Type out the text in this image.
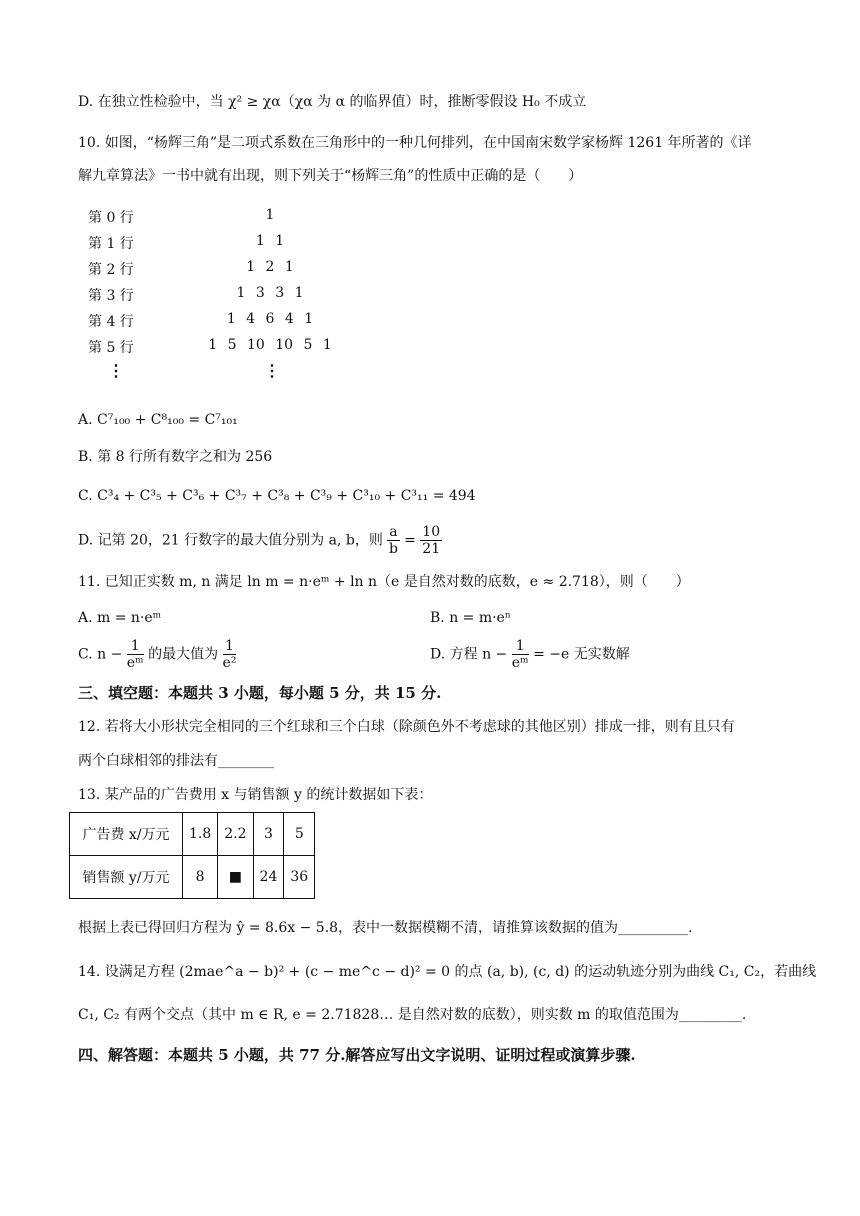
D. 在独立性检验中，当 χ² ≥ χα（χα 为 α 的临界值）时，推断零假设 H₀ 不成立
10. 如图，“杨辉三角”是二项式系数在三角形中的一种几何排列，在中国南宋数学家杨辉 1261 年所著的《详
解九章算法》一书中就有出现，则下列关于“杨辉三角”的性质中正确的是（　　）
第 0 行	1
第 1 行	1 1
第 2 行	1 2 1
第 3 行	1 3 3 1
第 4 行	1 4 6 4 1
第 5 行	1 5 10 10 5 1
⋮	⋮
A. C⁷₁₀₀ + C⁸₁₀₀ = C⁷₁₀₁
B. 第 8 行所有数字之和为 256
C. C³₄ + C³₅ + C³₆ + C³₇ + C³₈ + C³₉ + C³₁₀ + C³₁₁ = 494
D. 记第 20，21 行数字的最大值分别为 a, b，则 $\frac{a}{b} = \frac{10}{21}$
11. 已知正实数 m, n 满足 ln m = n·eᵐ + ln n（e 是自然对数的底数，e ≈ 2.718），则（　　）
A. m = n·eᵐ	B. n = m·eⁿ
C. $n - \frac{1}{\text{eᵐ}}$ 的最大值为 $\frac{1}{\text{e²}}$	D. 方程 $n - \frac{1}{\text{eᵐ}} = -e$ 无实数解
三、填空题：本题共 3 小题，每小题 5 分，共 15 分.
12. 若将大小形状完全相同的三个红球和三个白球（除颜色外不考虑球的其他区别）排成一排，则有且只有
两个白球相邻的排法有________
13. 某产品的广告费用 x 与销售额 y 的统计数据如下表：
广告费 x/万元	1.8	2.2	3	5
销售额 y/万元	8	■	24	36
根据上表已得回归方程为 ŷ = 8.6x − 5.8，表中一数据模糊不清，请推算该数据的值为__________.
14. 设满足方程 (2mae^a − b)² + (c − me^c − d)² = 0 的点 (a, b), (c, d) 的运动轨迹分别为曲线 C₁, C₂，若曲线
C₁, C₂ 有两个交点（其中 m ∈ R, e = 2.71828… 是自然对数的底数），则实数 m 的取值范围为_________.
四、解答题：本题共 5 小题，共 77 分.解答应写出文字说明、证明过程或演算步骤.
